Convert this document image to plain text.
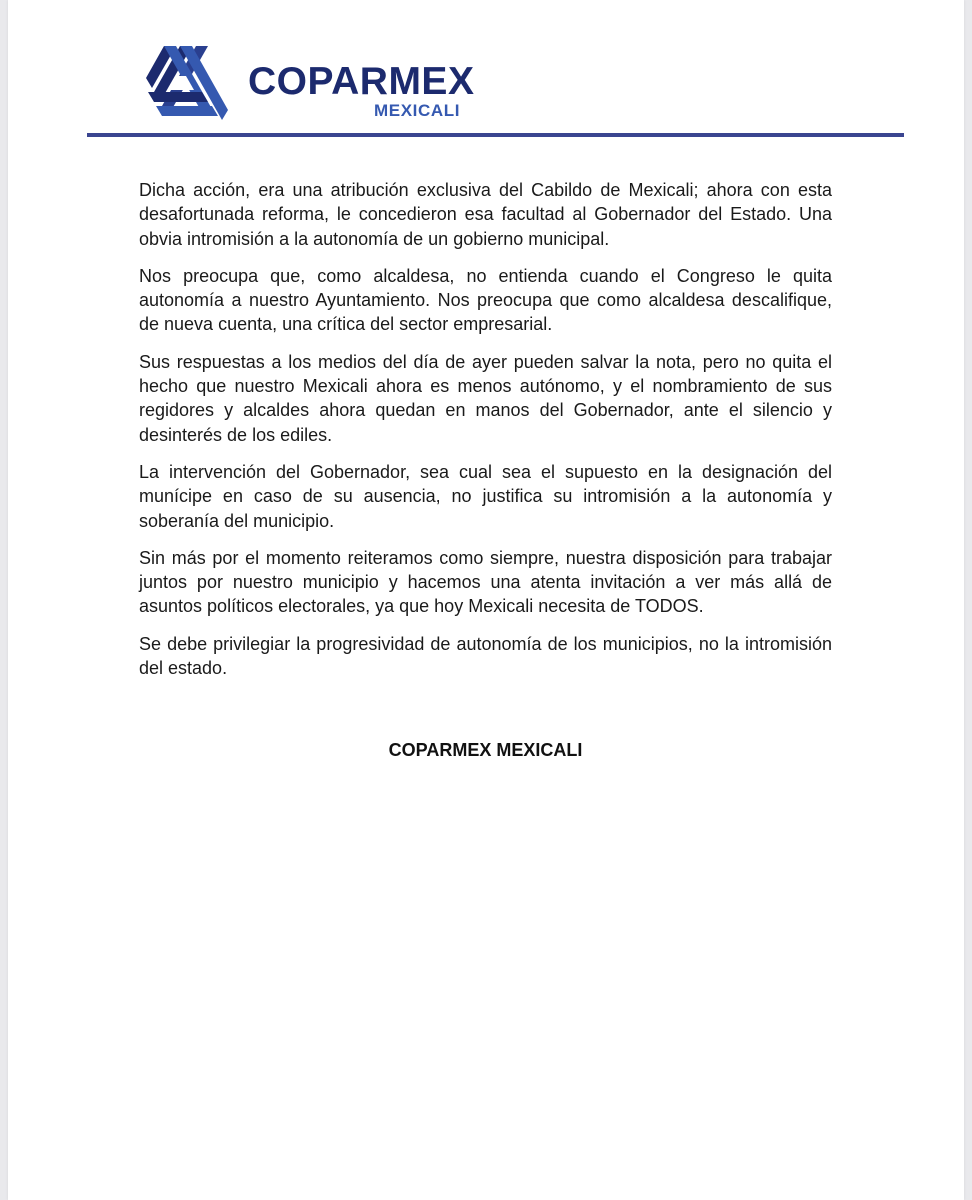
COPARMEX
MEXICALI

Dicha acción, era una atribución exclusiva del Cabildo de Mexicali; ahora con esta desafortunada reforma, le concedieron esa facultad al Gobernador del Estado. Una obvia intromisión a la autonomía de un gobierno municipal.

Nos preocupa que, como alcaldesa, no entienda cuando el Congreso le quita autonomía a nuestro Ayuntamiento. Nos preocupa que como alcaldesa descalifique, de nueva cuenta, una crítica del sector empresarial.

Sus respuestas a los medios del día de ayer pueden salvar la nota, pero no quita el hecho que nuestro Mexicali ahora es menos autónomo, y el nombramiento de sus regidores y alcaldes ahora quedan en manos del Gobernador, ante el silencio y desinterés de los ediles.

La intervención del Gobernador, sea cual sea el supuesto en la designación del munícipe en caso de su ausencia, no justifica su intromisión a la autonomía y soberanía del municipio.

Sin más por el momento reiteramos como siempre, nuestra disposición para trabajar juntos por nuestro municipio y hacemos una atenta invitación a ver más allá de asuntos políticos electorales, ya que hoy Mexicali necesita de TODOS.

Se debe privilegiar la progresividad de autonomía de los municipios, no la intromisión del estado.

COPARMEX MEXICALI
